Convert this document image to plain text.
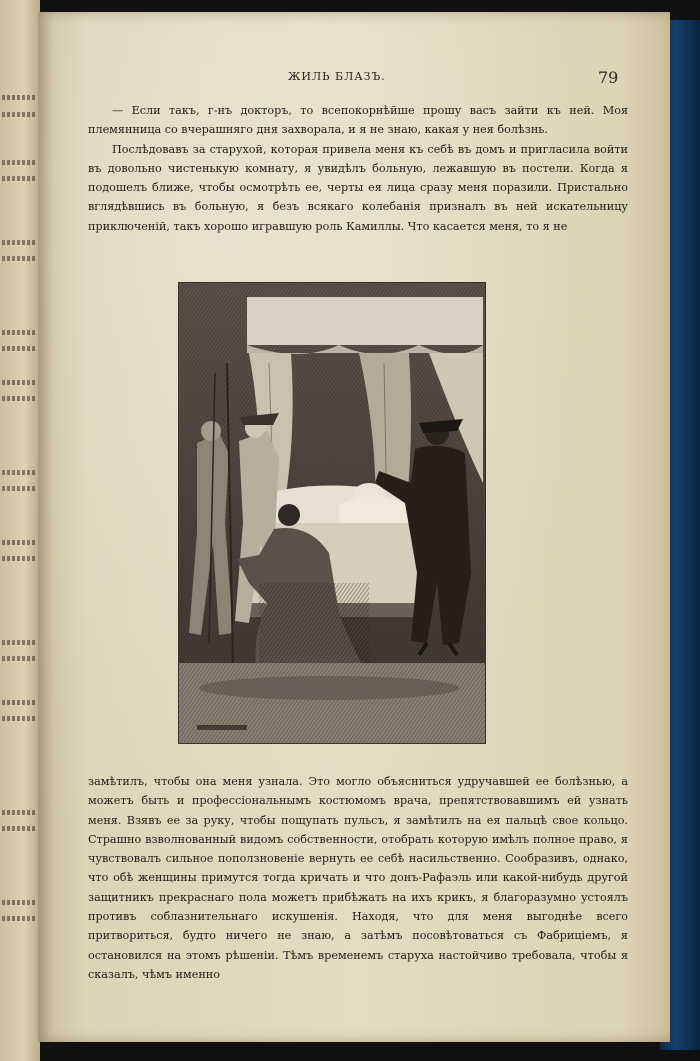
ЖИЛЬ БЛАЗЪ.	79

— Если такъ, г-нъ докторъ, то всепокорнѣйше прошу васъ зайти къ ней. Моя племянница со вчерашняго дня захворала, и я не знаю, какая у нея болѣзнь.

Послѣдовавъ за старухой, которая привела меня къ себѣ въ домъ и пригласила войти въ довольно чистенькую комнату, я увидѣлъ больную, лежавшую въ постели. Когда я подошелъ ближе, чтобы осмотрѣть ее, черты ея лица сразу меня поразили. Пристально вглядѣвшись въ больную, я безъ всякаго колебанія призналъ въ ней искательницу приключеній, такъ хорошо игравшую роль Камиллы. Что касается меня, то я не

замѣтилъ, чтобы она меня узнала. Это могло объясниться удручавшей ее болѣзнью, а можетъ быть и профессіональнымъ костюмомъ врача, препятствовавшимъ ей узнать меня. Взявъ ее за руку, чтобы пощупать пульсъ, я замѣтилъ на ея пальцѣ свое кольцо. Страшно взволнованный видомъ собственности, отобрать которую имѣлъ полное право, я чувствовалъ сильное поползновеніе вернуть ее себѣ насильственно. Сообразивъ, однако, что обѣ женщины примутся тогда кричать и что донъ-Рафаэль или какой-нибудь другой защитникъ прекраснаго пола можетъ прибѣжать на ихъ крикъ, я благоразумно устоялъ противъ соблазнительнаго искушенія. Находя, что для меня выгоднѣе всего притвориться, будто ничего не знаю, а затѣмъ посовѣтоваться съ Фабриціемъ, я остановился на этомъ рѣшеніи. Тѣмъ временемъ старуха настойчиво требовала, чтобы я сказалъ, чѣмъ именно
